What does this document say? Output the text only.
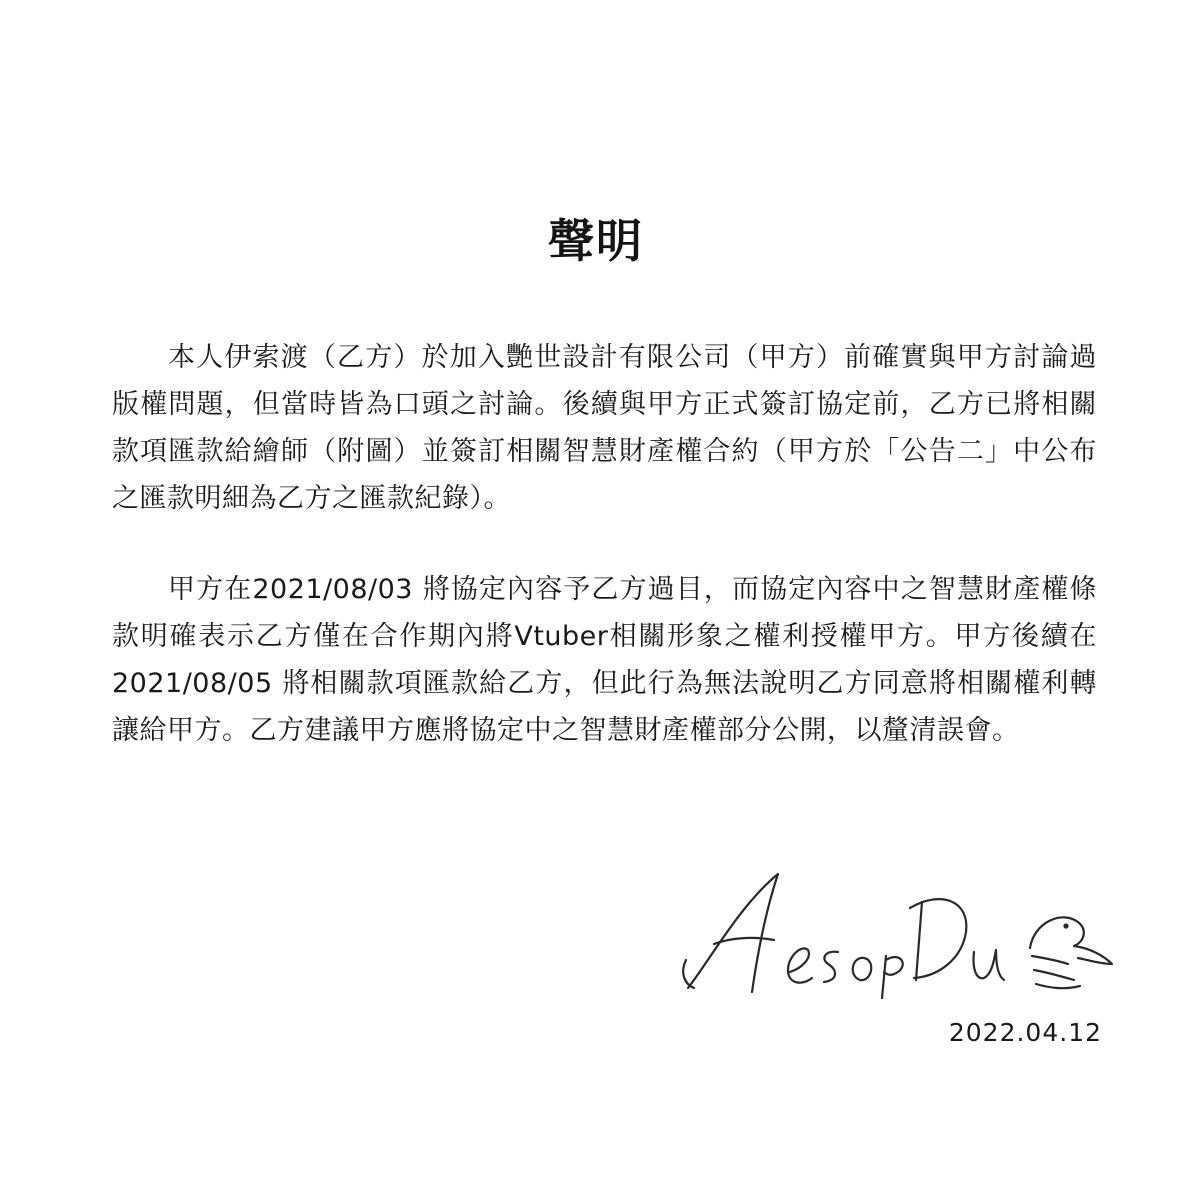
聲明

本人伊索渡（乙方）於加入艷世設計有限公司（甲方）前確實與甲方討論過版權問題，但當時皆為口頭之討論。後續與甲方正式簽訂協定前，乙方已將相關款項匯款給繪師（附圖）並簽訂相關智慧財產權合約（甲方於「公告二」中公布之匯款明細為乙方之匯款紀錄）。

甲方在2021/08/03 將協定內容予乙方過目，而協定內容中之智慧財產權條款明確表示乙方僅在合作期內將Vtuber相關形象之權利授權甲方。甲方後續在 2021/08/05 將相關款項匯款給乙方，但此行為無法說明乙方同意將相關權利轉讓給甲方。乙方建議甲方應將協定中之智慧財產權部分公開，以釐清誤會。

2022.04.12
